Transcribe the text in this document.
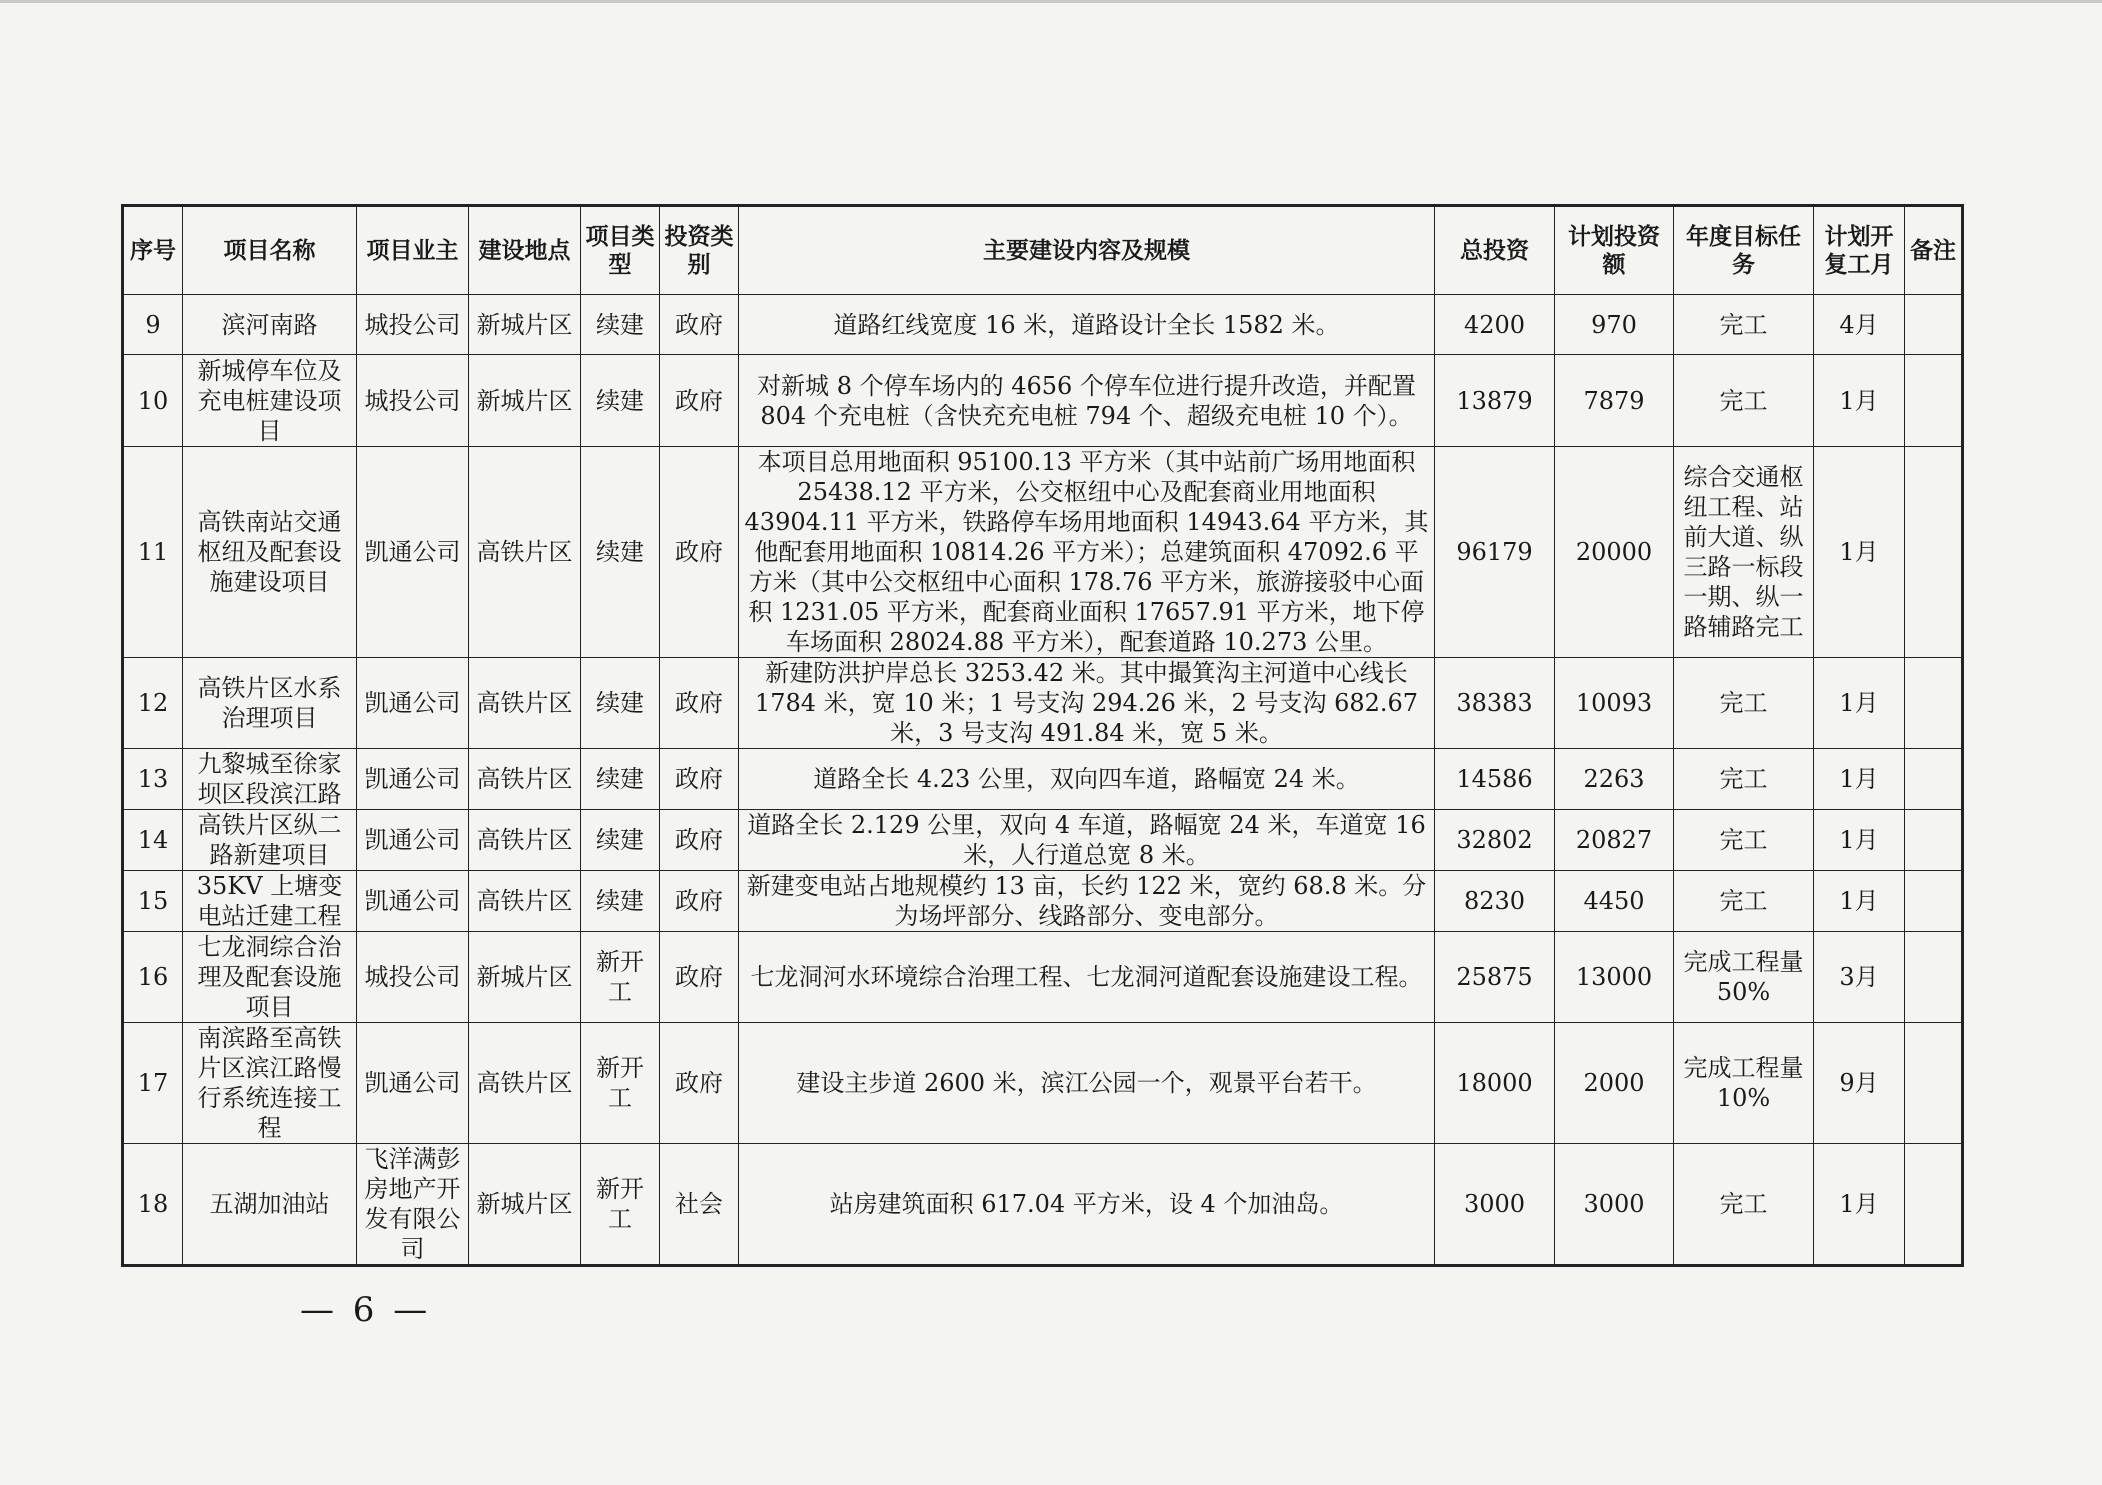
序号	项目名称	项目业主	建设地点	项目类型	投资类别	主要建设内容及规模	总投资	计划投资额	年度目标任务	计划开复工月	备注
9	滨河南路	城投公司	新城片区	续建	政府	道路红线宽度 16 米，道路设计全长 1582 米。	4200	970	完工	4月	
10	新城停车位及充电桩建设项目	城投公司	新城片区	续建	政府	对新城 8 个停车场内的 4656 个停车位进行提升改造，并配置 804 个充电桩（含快充充电桩 794 个、超级充电桩 10 个）。	13879	7879	完工	1月	
11	高铁南站交通枢纽及配套设施建设项目	凯通公司	高铁片区	续建	政府	本项目总用地面积 95100.13 平方米（其中站前广场用地面积 25438.12 平方米，公交枢纽中心及配套商业用地面积 43904.11 平方米，铁路停车场用地面积 14943.64 平方米，其他配套用地面积 10814.26 平方米）；总建筑面积 47092.6 平方米（其中公交枢纽中心面积 178.76 平方米，旅游接驳中心面积 1231.05 平方米，配套商业面积 17657.91 平方米，地下停车场面积 28024.88 平方米），配套道路 10.273 公里。	96179	20000	综合交通枢纽工程、站前大道、纵三路一标段一期、纵一路辅路完工	1月	
12	高铁片区水系治理项目	凯通公司	高铁片区	续建	政府	新建防洪护岸总长 3253.42 米。其中撮箕沟主河道中心线长 1784 米，宽 10 米；1 号支沟 294.26 米，2 号支沟 682.67 米，3 号支沟 491.84 米，宽 5 米。	38383	10093	完工	1月	
13	九黎城至徐家坝区段滨江路	凯通公司	高铁片区	续建	政府	道路全长 4.23 公里，双向四车道，路幅宽 24 米。	14586	2263	完工	1月	
14	高铁片区纵二路新建项目	凯通公司	高铁片区	续建	政府	道路全长 2.129 公里，双向 4 车道，路幅宽 24 米，车道宽 16 米，人行道总宽 8 米。	32802	20827	完工	1月	
15	35KV 上塘变电站迁建工程	凯通公司	高铁片区	续建	政府	新建变电站占地规模约 13 亩，长约 122 米，宽约 68.8 米。分为场坪部分、线路部分、变电部分。	8230	4450	完工	1月	
16	七龙洞综合治理及配套设施项目	城投公司	新城片区	新开工	政府	七龙洞河水环境综合治理工程、七龙洞河道配套设施建设工程。	25875	13000	完成工程量 50%	3月	
17	南滨路至高铁片区滨江路慢行系统连接工程	凯通公司	高铁片区	新开工	政府	建设主步道 2600 米，滨江公园一个，观景平台若干。	18000	2000	完成工程量 10%	9月	
18	五湖加油站	飞洋满彭房地产开发有限公司	新城片区	新开工	社会	站房建筑面积 617.04 平方米，设 4 个加油岛。	3000	3000	完工	1月	
— 6 —
